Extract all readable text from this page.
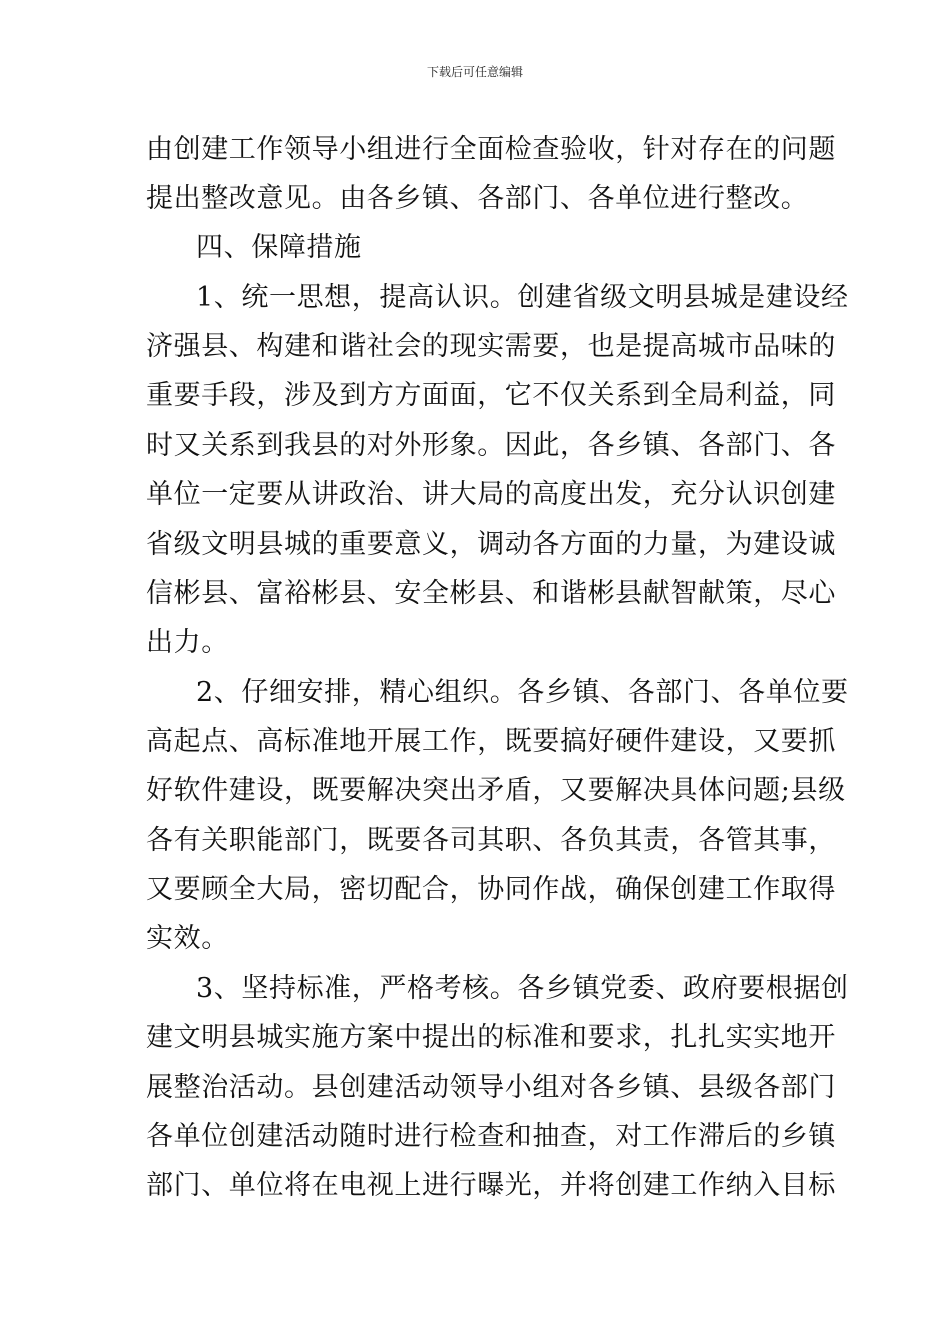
下载后可任意编辑
由创建工作领导小组进行全面检查验收，针对存在的问题
提出整改意见。由各乡镇、各部门、各单位进行整改。
四、保障措施
1、统一思想，提高认识。创建省级文明县城是建设经
济强县、构建和谐社会的现实需要，也是提高城市品味的
重要手段，涉及到方方面面，它不仅关系到全局利益，同
时又关系到我县的对外形象。因此，各乡镇、各部门、各
单位一定要从讲政治、讲大局的高度出发，充分认识创建
省级文明县城的重要意义，调动各方面的力量，为建设诚
信彬县、富裕彬县、安全彬县、和谐彬县献智献策，尽心
出力。
2、仔细安排，精心组织。各乡镇、各部门、各单位要
高起点、高标准地开展工作，既要搞好硬件建设，又要抓
好软件建设，既要解决突出矛盾，又要解决具体问题;县级
各有关职能部门，既要各司其职、各负其责，各管其事，
又要顾全大局，密切配合，协同作战，确保创建工作取得
实效。
3、坚持标准，严格考核。各乡镇党委、政府要根据创
建文明县城实施方案中提出的标准和要求，扎扎实实地开
展整治活动。县创建活动领导小组对各乡镇、县级各部门
各单位创建活动随时进行检查和抽查，对工作滞后的乡镇
部门、单位将在电视上进行曝光，并将创建工作纳入目标
